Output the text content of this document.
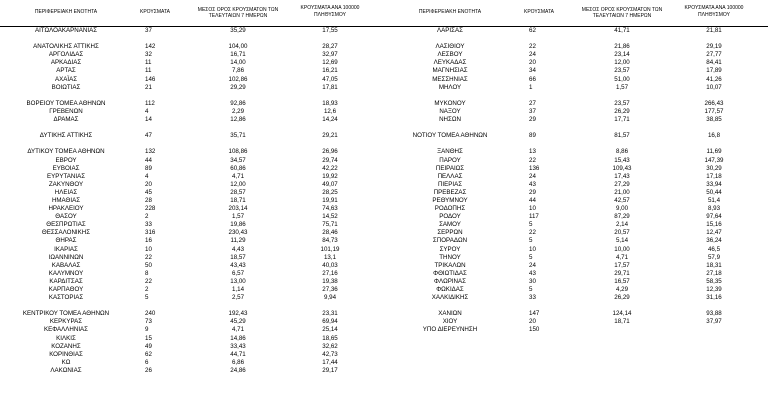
ΠΕΡΙΦΕΡΕΙΑΚΗ ΕΝΟΤΗΤΑ	ΚΡΟΥΣΜΑΤΑ	ΜΕΣΟΣ ΟΡΟΣ ΚΡΟΥΣΜΑΤΩΝ ΤΩΝ
ΤΕΛΕΥΤΑΙΩΝ 7 ΗΜΕΡΩΝ
ΚΡΟΥΣΜΑΤΑ ΑΝΑ 100000
ΠΛΗΘΥΣΜΟΥ
ΑΙΤΩΛΟΑΚΑΡΝΑΝΙΑΣ	37	35,29	17,55
ΑΝΑΤΟΛΙΚΗΣ ΑΤΤΙΚΗΣ	142	104,00	28,27
ΑΡΓΟΛΙΔΑΣ	32	16,71	32,97
ΑΡΚΑΔΙΑΣ	11	14,00	12,69
ΑΡΤΑΣ	11	7,86	16,21
ΑΧΑΪΑΣ	146	102,86	47,05
ΒΟΙΩΤΙΑΣ	21	29,29	17,81
ΒΟΡΕΙΟΥ ΤΟΜΕΑ ΑΘΗΝΩΝ	112	92,86	18,93
ΓΡΕΒΕΝΩΝ	4	2,29	12,6
ΔΡΑΜΑΣ	14	12,86	14,24
ΔΥΤΙΚΗΣ ΑΤΤΙΚΗΣ	47	35,71	29,21
ΔΥΤΙΚΟΥ ΤΟΜΕΑ ΑΘΗΝΩΝ	132	108,86	26,96
ΕΒΡΟΥ	44	34,57	29,74
ΕΥΒΟΙΑΣ	89	60,86	42,22
ΕΥΡΥΤΑΝΙΑΣ	4	4,71	19,92
ΖΑΚΥΝΘΟΥ	20	12,00	49,07
ΗΛΕΙΑΣ	45	28,57	28,25
ΗΜΑΘΙΑΣ	28	18,71	19,91
ΗΡΑΚΛΕΙΟΥ	228	203,14	74,63
ΘΑΣΟΥ	2	1,57	14,52
ΘΕΣΠΡΩΤΙΑΣ	33	19,86	75,71
ΘΕΣΣΑΛΟΝΙΚΗΣ	316	230,43	28,46
ΘΗΡΑΣ	16	11,29	84,73
ΙΚΑΡΙΑΣ	10	4,43	101,19
ΙΩΑΝΝΙΝΩΝ	22	18,57	13,1
ΚΑΒΑΛΑΣ	50	43,43	40,03
ΚΑΛΥΜΝΟΥ	8	6,57	27,16
ΚΑΡΔΙΤΣΑΣ	22	13,00	19,38
ΚΑΡΠΑΘΟΥ	2	1,14	27,36
ΚΑΣΤΟΡΙΑΣ	5	2,57	9,94
ΚΕΝΤΡΙΚΟΥ ΤΟΜΕΑ ΑΘΗΝΩΝ	240	192,43	23,31
ΚΕΡΚΥΡΑΣ	73	45,29	69,94
ΚΕΦΑΛΛΗΝΙΑΣ	9	4,71	25,14
ΚΙΛΚΙΣ	15	14,86	18,65
ΚΟΖΑΝΗΣ	49	33,43	32,62
ΚΟΡΙΝΘΙΑΣ	62	44,71	42,73
ΚΩ	6	6,86	17,44
ΛΑΚΩΝΙΑΣ	26	24,86	29,17
ΠΕΡΙΦΕΡΕΙΑΚΗ ΕΝΟΤΗΤΑ	ΚΡΟΥΣΜΑΤΑ	ΜΕΣΟΣ ΟΡΟΣ ΚΡΟΥΣΜΑΤΩΝ ΤΩΝ
ΤΕΛΕΥΤΑΙΩΝ 7 ΗΜΕΡΩΝ
ΚΡΟΥΣΜΑΤΑ ΑΝΑ 100000
ΠΛΗΘΥΣΜΟΥ
ΛΑΡΙΣΑΣ	62	41,71	21,81
ΛΑΣΙΘΙΟΥ	22	21,86	29,19
ΛΕΣΒΟΥ	24	23,14	27,77
ΛΕΥΚΑΔΑΣ	20	12,00	84,41
ΜΑΓΝΗΣΙΑΣ	34	23,57	17,89
ΜΕΣΣΗΝΙΑΣ	66	51,00	41,26
ΜΗΛΟΥ	1	1,57	10,07
ΜΥΚΟΝΟΥ	27	23,57	266,43
ΝΑΞΟΥ	37	26,29	177,57
ΝΗΣΩΝ	29	17,71	38,85
ΝΟΤΙΟΥ ΤΟΜΕΑ ΑΘΗΝΩΝ	89	81,57	16,8
ΞΑΝΘΗΣ	13	8,86	11,69
ΠΑΡΟΥ	22	15,43	147,39
ΠΕΙΡΑΙΩΣ	136	109,43	30,29
ΠΕΛΛΑΣ	24	17,43	17,18
ΠΙΕΡΙΑΣ	43	27,29	33,94
ΠΡΕΒΕΖΑΣ	29	21,00	50,44
ΡΕΘΥΜΝΟΥ	44	42,57	51,4
ΡΟΔΟΠΗΣ	10	9,00	8,93
ΡΟΔΟΥ	117	87,29	97,64
ΣΑΜΟΥ	5	2,14	15,16
ΣΕΡΡΩΝ	22	20,57	12,47
ΣΠΟΡΑΔΩΝ	5	5,14	36,24
ΣΥΡΟΥ	10	10,00	46,5
ΤΗΝΟΥ	5	4,71	57,9
ΤΡΙΚΑΛΩΝ	24	17,57	18,31
ΦΘΙΩΤΙΔΑΣ	43	29,71	27,18
ΦΛΩΡΙΝΑΣ	30	16,57	58,35
ΦΩΚΙΔΑΣ	5	4,29	12,39
ΧΑΛΚΙΔΙΚΗΣ	33	26,29	31,16
ΧΑΝΙΩΝ	147	124,14	93,88
ΧΙΟΥ	20	18,71	37,97
ΥΠΟ ΔΙΕΡΕΥΝΗΣΗ	150
